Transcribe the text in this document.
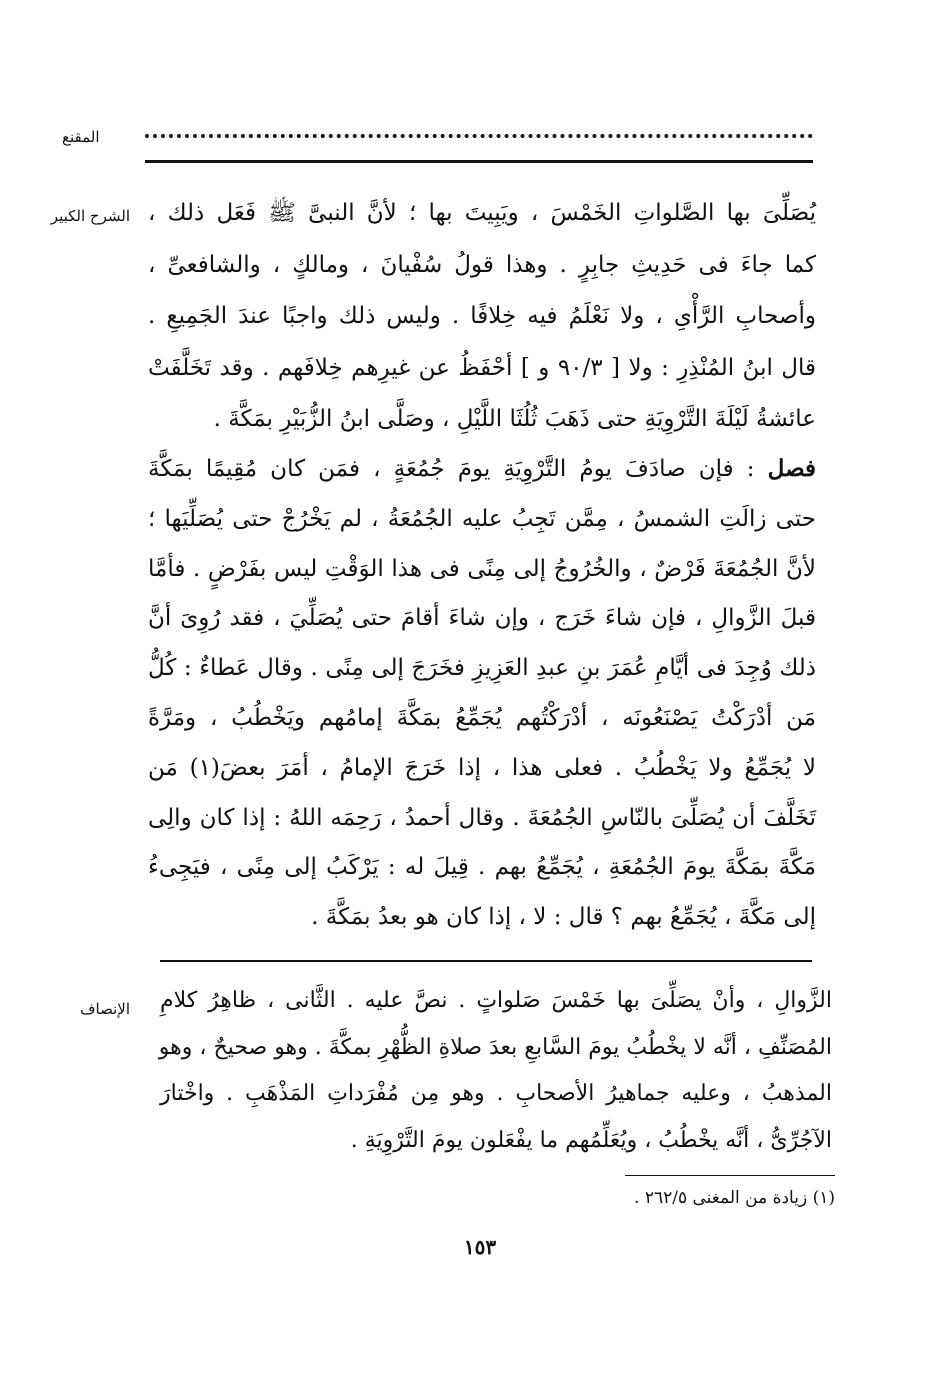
المقنع
الشرح الكبير يُصَلِّىَ بها الصَّلواتِ الخَمْسَ ، ويَبِيتَ بها ؛ لأنَّ النبىَّ ﷺ فَعَل ذلك ،
كما جاءَ فى حَدِيثِ جابِرٍ . وهذا قولُ سُفْيانَ ، ومالكٍ ، والشافعىِّ ،
وأصحابِ الرَّأْىِ ، ولا نَعْلَمُ فيه خِلافًا . وليس ذلك واجبًا عندَ الجَمِيعِ .
قال ابنُ المُنْذِرِ : ولا [ ٩٠/٣ و ] أحْفَظُ عن غيرِهم خِلافَهم . وقد تَخَلَّفَتْ
عائشةُ لَيْلَةَ التَّرْوِيَةِ حتى ذَهَبَ ثُلُثَا اللَّيْلِ ، وصَلَّى ابنُ الزُّبَيْرِ بمَكَّةَ .
فصل : فإن صادَفَ يومُ التَّرْوِيَةِ يومَ جُمُعَةٍ ، فمَن كان مُقِيمًا بمَكَّةَ
حتى زالَتِ الشمسُ ، مِمَّن تَجِبُ عليه الجُمُعَةُ ، لم يَخْرُجْ حتى يُصَلِّيَها ؛
لأنَّ الجُمُعَةَ فَرْضٌ ، والخُرُوجُ إلى مِنًى فى هذا الوَقْتِ ليس بفَرْضٍ . فأمَّا
قبلَ الزَّوالِ ، فإن شاءَ خَرَج ، وإن شاءَ أقامَ حتى يُصَلِّيَ ، فقد رُوِىَ أنَّ
ذلك وُجِدَ فى أيَّامِ عُمَرَ بنِ عبدِ العَزِيزِ فخَرَجَ إلى مِنًى . وقال عَطاءٌ : كُلُّ
مَن أدْرَكْتُ يَصْنَعُونَه ، أدْرَكْتُهم يُجَمِّعُ بمَكَّةَ إمامُهم ويَخْطُبُ ، ومَرَّةً
لا يُجَمِّعُ ولا يَخْطُبُ . فعلى هذا ، إذا خَرَجَ الإمامُ ، أمَرَ بعضَ(١) مَن
تَخَلَّفَ أن يُصَلِّىَ بالنّاسِ الجُمُعَةَ . وقال أحمدُ ، رَحِمَه اللهُ : إذا كان والِى
مَكَّةَ بمَكَّةَ يومَ الجُمُعَةِ ، يُجَمِّعُ بهم . قِيلَ له : يَرْكَبُ إلى مِنًى ، فيَجِىءُ
إلى مَكَّةَ ، يُجَمِّعُ بهم ؟ قال : لا ، إذا كان هو بعدُ بمَكَّةَ .
الإنصاف الزَّوالِ ، وأنْ يصَلِّىَ بها خَمْسَ صَلواتٍ . نصَّ عليه . الثَّانى ، ظاهِرُ كلامِ
المُصَنِّفِ ، أنَّه لا يخْطُبُ يومَ السَّابعِ بعدَ صلاةِ الظُّهْرِ بمكَّةَ . وهو صحيحٌ ، وهو
المذهبُ ، وعليه جماهيرُ الأصحابِ . وهو مِن مُفْرَداتِ المَذْهَبِ . واخْتارَ
الآجُرِّىُّ ، أنَّه يخْطُبُ ، ويُعَلِّمُهم ما يفْعَلون يومَ التَّرْوِيَةِ .
(١) زيادة من المغنى ٢٦٢/٥ .
١٥٣
